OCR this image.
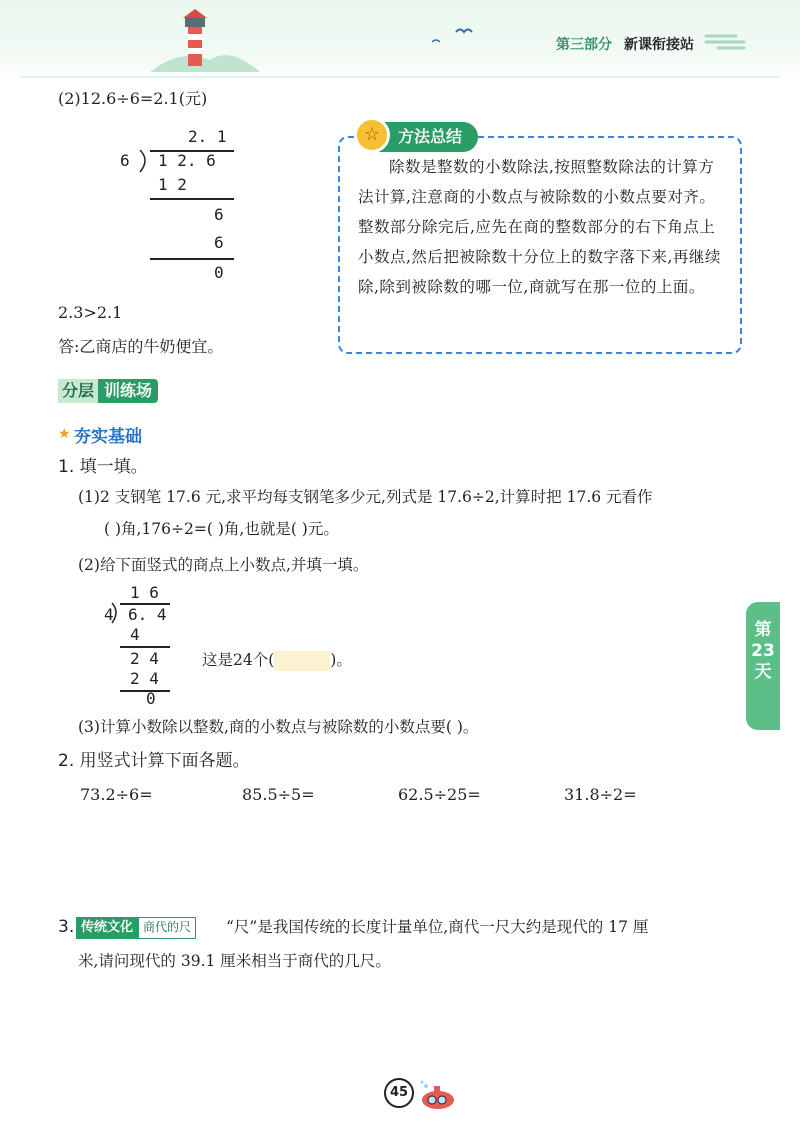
第三部分 新课衔接站
(2)12.6÷6=2.1(元)
2. 1
6 1 2. 6
1 2
6
6
0
2.3>2.1
答:乙商店的牛奶便宜。
方法总结
☆
除数是整数的小数除法,按照整数除法的计算方法计算,注意商的小数点与被除数的小数点要对齐。整数部分除完后,应先在商的整数部分的右下角点上小数点,然后把被除数十分位上的数字落下来,再继续除,除到被除数的哪一位,商就写在那一位的上面。
分层 训练场
★ 夯实基础
1. 填一填。
(1)2 支钢笔 17.6 元,求平均每支钢笔多少元,列式是 17.6÷2,计算时把 17.6 元看作
( )角,176÷2=( )角,也就是( )元。
(2)给下面竖式的商点上小数点,并填一填。
1 6
4 6. 4
4
2 4
2 4
0
这是24个(	)。
(3)计算小数除以整数,商的小数点与被除数的小数点要( )。
2. 用竖式计算下面各题。
73.2÷6=	85.5÷5=	62.5÷25=	31.8÷2=
3. 传统文化 商代的尺	“尺”是我国传统的长度计量单位,商代一尺大约是现代的 17 厘
米,请问现代的 39.1 厘米相当于商代的几尺。
第
23
天
45
